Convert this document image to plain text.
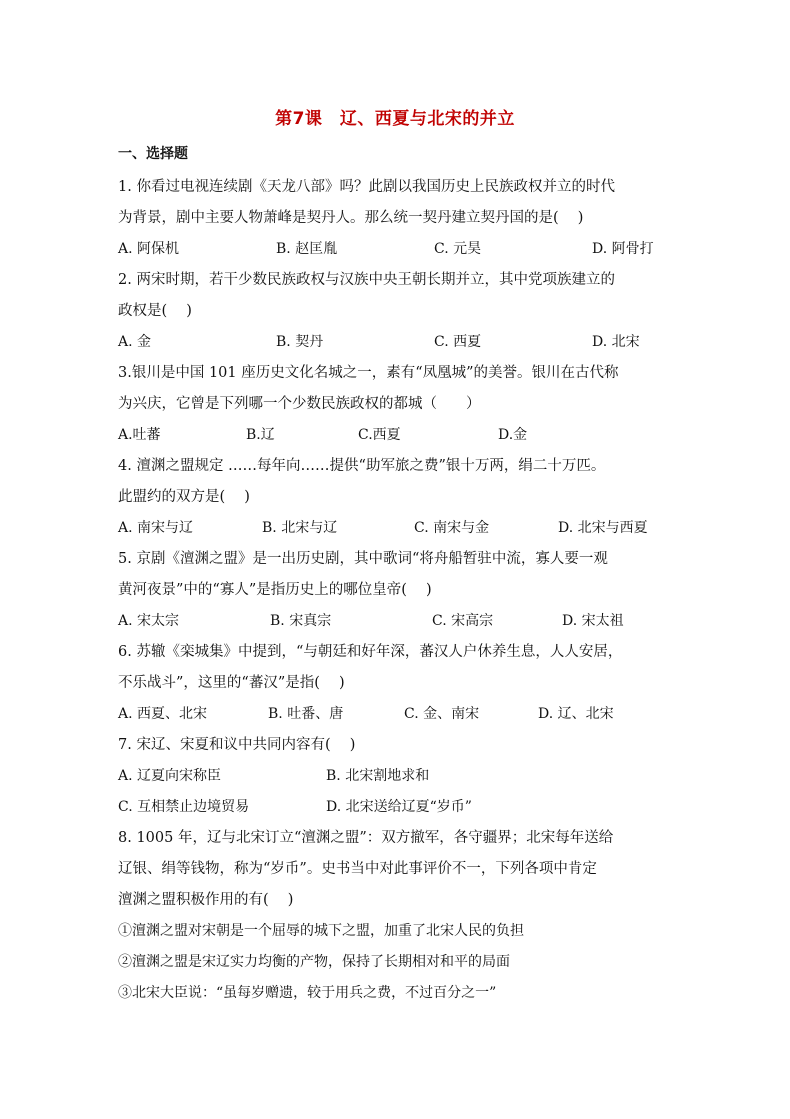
第7课　辽、西夏与北宋的并立
一、选择题
1. 你看过电视连续剧《天龙八部》吗？此剧以我国历史上民族政权并立的时代
为背景，剧中主要人物萧峰是契丹人。那么统一契丹建立契丹国的是(　 )
A. 阿保机	B. 赵匡胤	C. 元昊	D. 阿骨打
2. 两宋时期，若干少数民族政权与汉族中央王朝长期并立，其中党项族建立的
政权是(　 )
A. 金	B. 契丹	C. 西夏	D. 北宋
3.银川是中国 101 座历史文化名城之一，素有“凤凰城”的美誉。银川在古代称
为兴庆，它曾是下列哪一个少数民族政权的都城（　　）
A.吐蕃	B.辽	C.西夏	D.金
4. 澶渊之盟规定 ……每年向……提供“助军旅之费”银十万两，绢二十万匹。
此盟约的双方是(　 )
A. 南宋与辽	B. 北宋与辽	C. 南宋与金	D. 北宋与西夏
5. 京剧《澶渊之盟》是一出历史剧，其中歌词“将舟船暂驻中流，寡人要一观
黄河夜景”中的“寡人”是指历史上的哪位皇帝(　 )
A. 宋太宗	B. 宋真宗	C. 宋高宗	D. 宋太祖
6. 苏辙《栾城集》中提到，“与朝廷和好年深，蕃汉人户休养生息，人人安居，
不乐战斗”，这里的“蕃汉”是指(　 )
A. 西夏、北宋	B. 吐番、唐	C. 金、南宋	D. 辽、北宋
7. 宋辽、宋夏和议中共同内容有(　 )
A. 辽夏向宋称臣	B. 北宋割地求和
C. 互相禁止边境贸易	D. 北宋送给辽夏“岁币”
8. 1005 年，辽与北宋订立“澶渊之盟”：双方撤军，各守疆界；北宋每年送给
辽银、绢等钱物，称为“岁币”。史书当中对此事评价不一，下列各项中肯定
澶渊之盟积极作用的有(　 )
①澶渊之盟对宋朝是一个屈辱的城下之盟，加重了北宋人民的负担
②澶渊之盟是宋辽实力均衡的产物，保持了长期相对和平的局面
③北宋大臣说：“虽每岁赠遗，较于用兵之费，不过百分之一”
